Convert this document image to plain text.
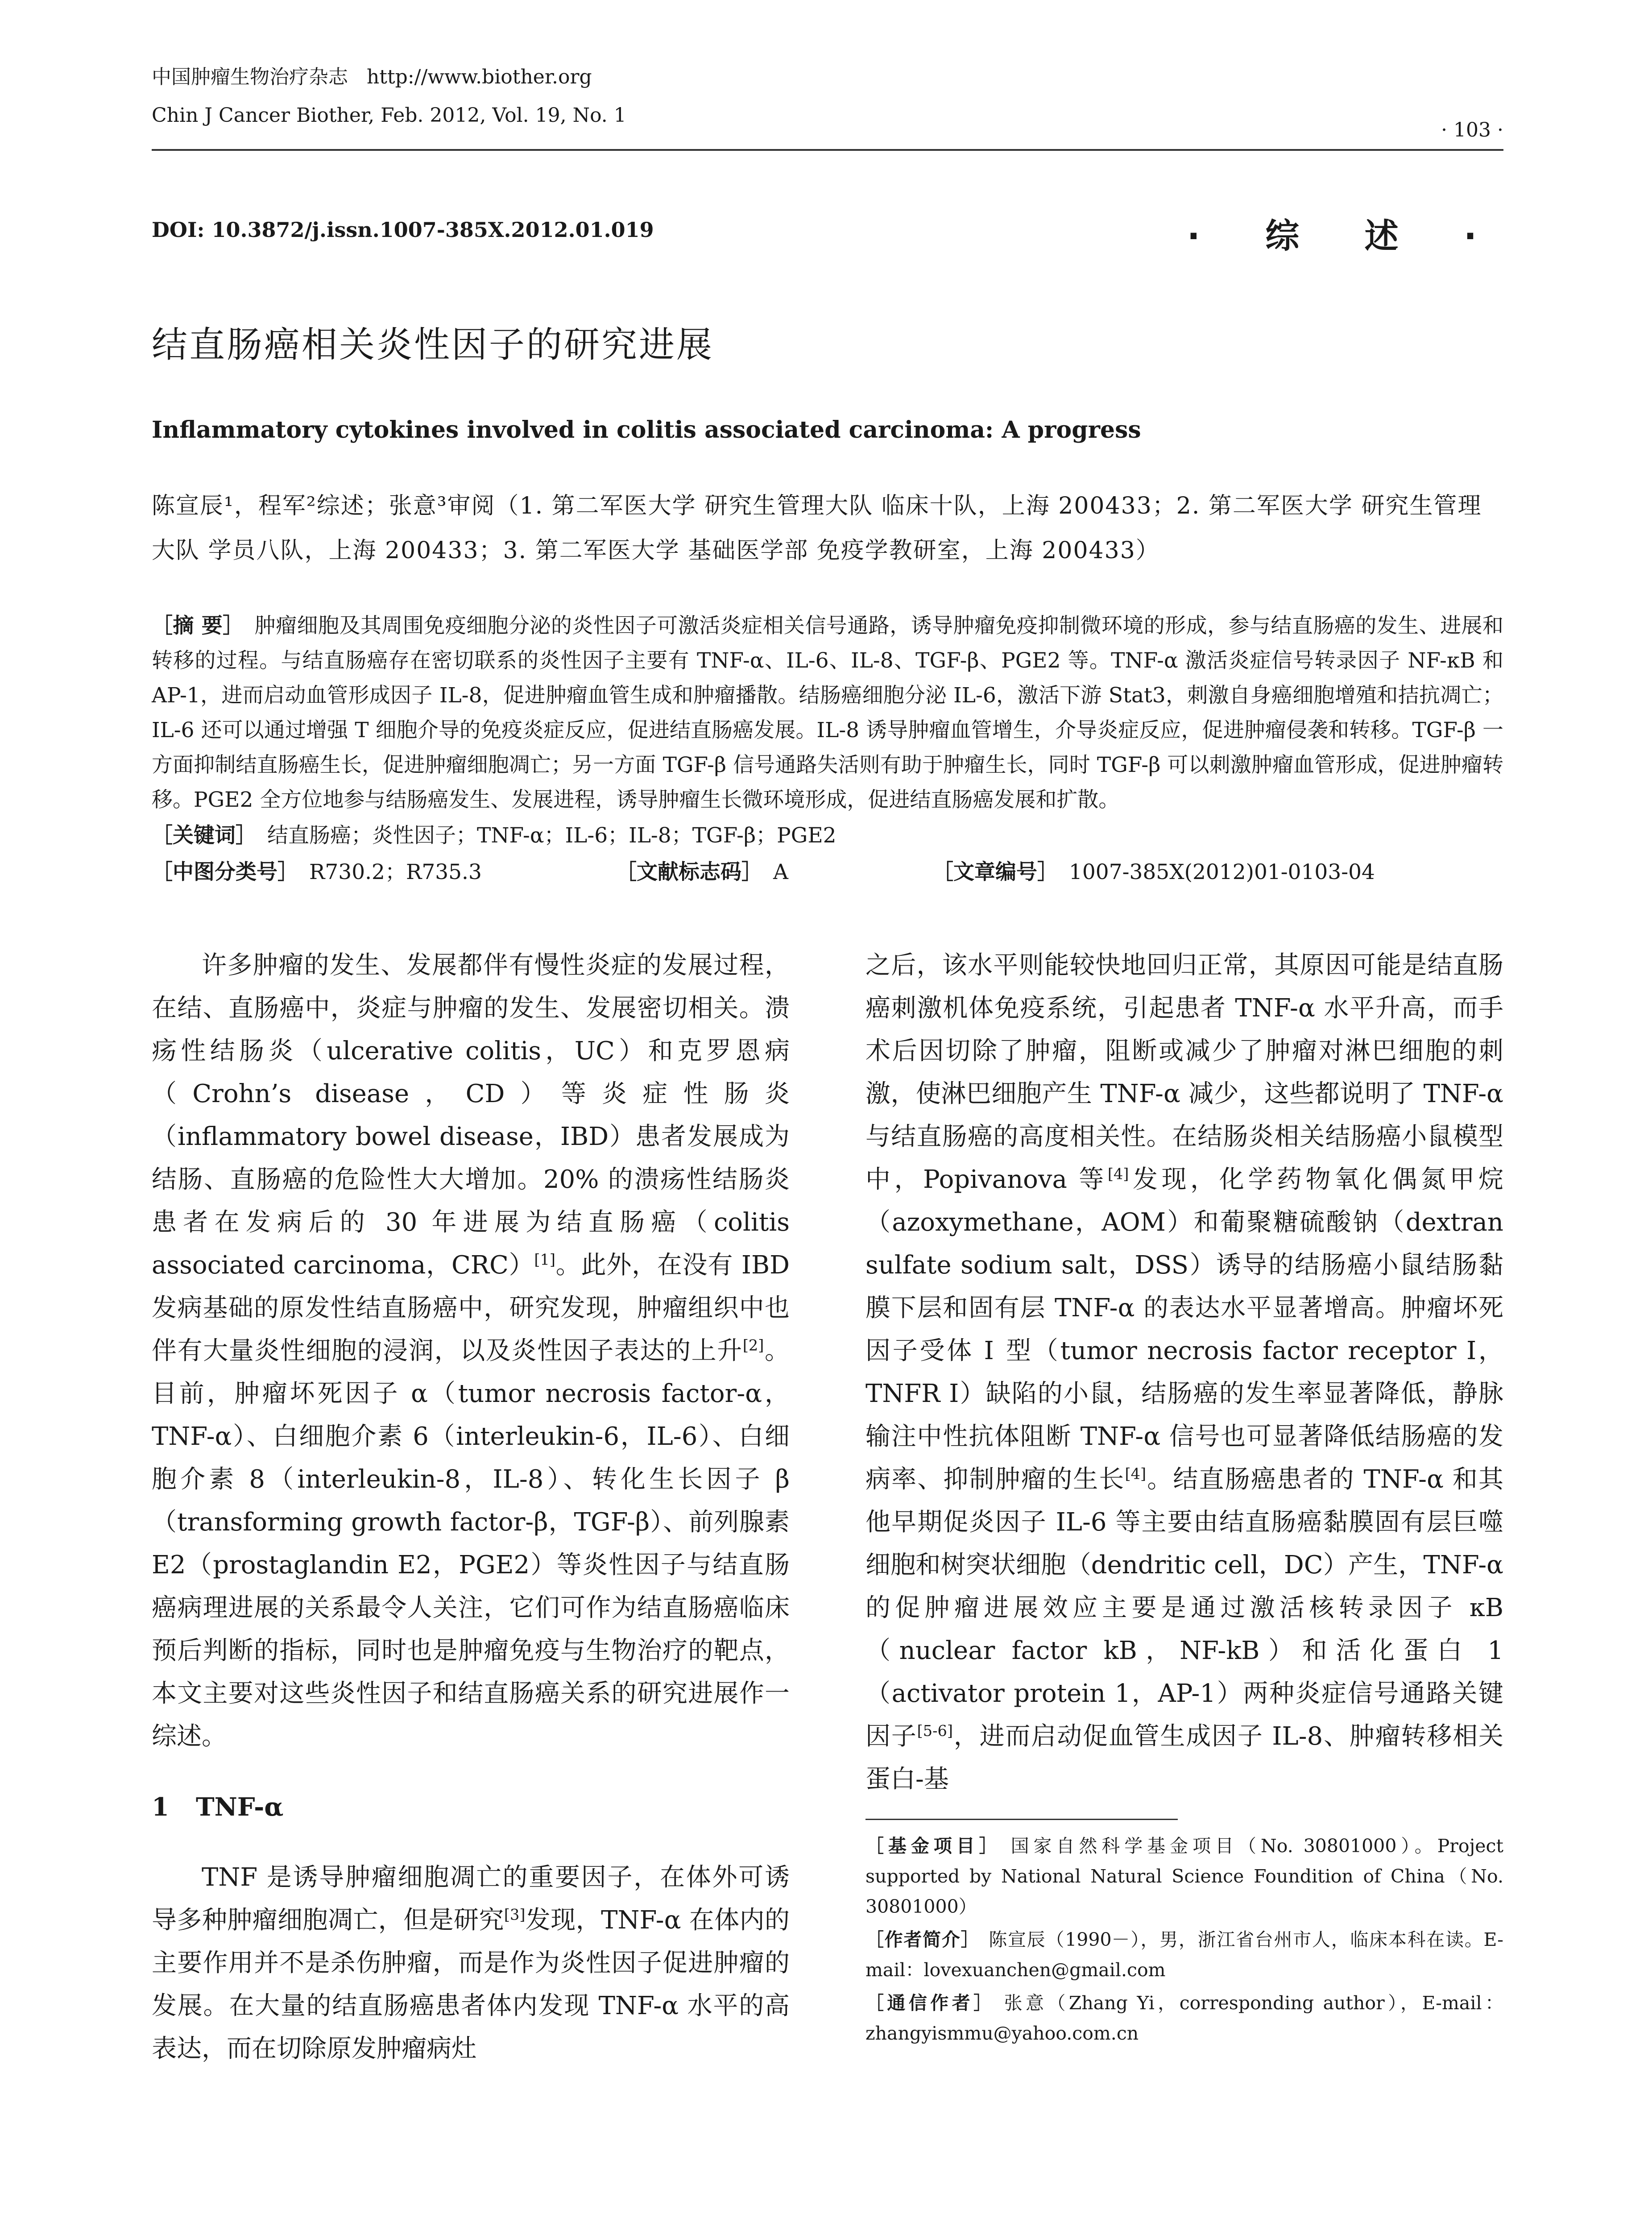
中国肿瘤生物治疗杂志 http://www.biother.org
Chin J Cancer Biother, Feb. 2012, Vol. 19, No. 1
· 103 ·
DOI: 10.3872/j.issn.1007-385X.2012.01.019	· 综 述 ·
结直肠癌相关炎性因子的研究进展
Inflammatory cytokines involved in colitis associated carcinoma: A progress
陈宣辰¹，程军²综述；张意³审阅（1. 第二军医大学 研究生管理大队 临床十队，上海 200433；2. 第二军医大学 研究生管理大队 学员八队，上海 200433；3. 第二军医大学 基础医学部 免疫学教研室，上海 200433）
［摘 要］ 肿瘤细胞及其周围免疫细胞分泌的炎性因子可激活炎症相关信号通路，诱导肿瘤免疫抑制微环境的形成，参与结直肠癌的发生、进展和转移的过程。与结直肠癌存在密切联系的炎性因子主要有 TNF-α、IL-6、IL-8、TGF-β、PGE2 等。TNF-α 激活炎症信号转录因子 NF-κB 和 AP-1，进而启动血管形成因子 IL-8，促进肿瘤血管生成和肿瘤播散。结肠癌细胞分泌 IL-6，激活下游 Stat3，刺激自身癌细胞增殖和拮抗凋亡；IL-6 还可以通过增强 T 细胞介导的免疫炎症反应，促进结直肠癌发展。IL-8 诱导肿瘤血管增生，介导炎症反应，促进肿瘤侵袭和转移。TGF-β 一方面抑制结直肠癌生长，促进肿瘤细胞凋亡；另一方面 TGF-β 信号通路失活则有助于肿瘤生长，同时 TGF-β 可以刺激肿瘤血管形成，促进肿瘤转移。PGE2 全方位地参与结肠癌发生、发展进程，诱导肿瘤生长微环境形成，促进结直肠癌发展和扩散。
［关键词］ 结直肠癌；炎性因子；TNF-α；IL-6；IL-8；TGF-β；PGE2
［中图分类号］ R730.2；R735.3	［文献标志码］ A	［文章编号］ 1007-385X(2012)01-0103-04

许多肿瘤的发生、发展都伴有慢性炎症的发展过程，在结、直肠癌中，炎症与肿瘤的发生、发展密切相关。溃疡性结肠炎（ulcerative colitis，UC）和克罗恩病（Crohn’s disease，CD）等炎症性肠炎（inflammatory bowel disease，IBD）患者发展成为结肠、直肠癌的危险性大大增加。20% 的溃疡性结肠炎患者在发病后的 30 年进展为结直肠癌（colitis associated carcinoma，CRC）[1]。此外，在没有 IBD 发病基础的原发性结直肠癌中，研究发现，肿瘤组织中也伴有大量炎性细胞的浸润，以及炎性因子表达的上升[2]。目前，肿瘤坏死因子 α（tumor necrosis factor-α，TNF-α）、白细胞介素 6（interleukin-6，IL-6）、白细胞介素 8（interleukin-8，IL-8）、转化生长因子 β（transforming growth factor-β，TGF-β）、前列腺素 E2（prostaglandin E2，PGE2）等炎性因子与结直肠癌病理进展的关系最令人关注，它们可作为结直肠癌临床预后判断的指标，同时也是肿瘤免疫与生物治疗的靶点，本文主要对这些炎性因子和结直肠癌关系的研究进展作一综述。

1 TNF-α

TNF 是诱导肿瘤细胞凋亡的重要因子，在体外可诱导多种肿瘤细胞凋亡，但是研究[3]发现，TNF-α 在体内的主要作用并不是杀伤肿瘤，而是作为炎性因子促进肿瘤的发展。在大量的结直肠癌患者体内发现 TNF-α 水平的高表达，而在切除原发肿瘤病灶

之后，该水平则能较快地回归正常，其原因可能是结直肠癌刺激机体免疫系统，引起患者 TNF-α 水平升高，而手术后因切除了肿瘤，阻断或减少了肿瘤对淋巴细胞的刺激，使淋巴细胞产生 TNF-α 减少，这些都说明了 TNF-α 与结直肠癌的高度相关性。在结肠炎相关结肠癌小鼠模型中，Popivanova 等[4]发现，化学药物氧化偶氮甲烷（azoxymethane，AOM）和葡聚糖硫酸钠（dextran sulfate sodium salt，DSS）诱导的结肠癌小鼠结肠黏膜下层和固有层 TNF-α 的表达水平显著增高。肿瘤坏死因子受体 Ⅰ 型（tumor necrosis factor receptor Ⅰ，TNFR Ⅰ）缺陷的小鼠，结肠癌的发生率显著降低，静脉输注中性抗体阻断 TNF-α 信号也可显著降低结肠癌的发病率、抑制肿瘤的生长[4]。结直肠癌患者的 TNF-α 和其他早期促炎因子 IL-6 等主要由结直肠癌黏膜固有层巨噬细胞和树突状细胞（dendritic cell，DC）产生，TNF-α 的促肿瘤进展效应主要是通过激活核转录因子 κB（nuclear factor kB，NF-kB）和活化蛋白 1（activator protein 1，AP-1）两种炎症信号通路关键因子[5-6]，进而启动促血管生成因子 IL-8、肿瘤转移相关蛋白-基

［基金项目］ 国家自然科学基金项目（No. 30801000）。Project supported by National Natural Science Foundition of China（No. 30801000）

［作者简介］ 陈宣辰（1990－），男，浙江省台州市人，临床本科在读。E-mail：lovexuanchen@gmail.com

［通信作者］ 张意（Zhang Yi，corresponding author），E-mail：zhangyismmu@yahoo.com.cn
